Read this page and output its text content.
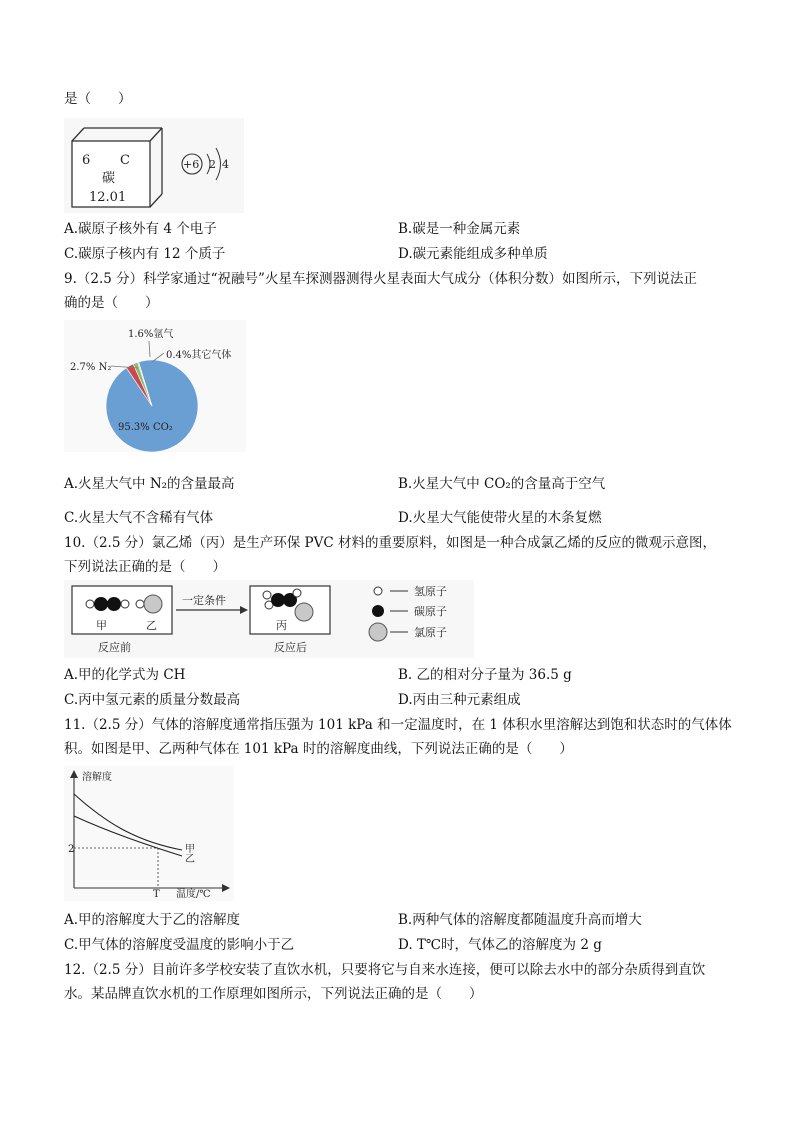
是（　　）
6 C
碳
12.01
+6 2 4
A.碳原子核外有 4 个电子	B.碳是一种金属元素
C.碳原子核内有 12 个质子	D.碳元素能组成多种单质
9.（2.5 分）科学家通过“祝融号”火星车探测器测得火星表面大气成分（体积分数）如图所示，下列说法正
确的是（　　）
1.6%氩气
0.4%其它气体
2.7% N₂
95.3% CO₂
A.火星大气中 N₂的含量最高	B.火星大气中 CO₂的含量高于空气
C.火星大气不含稀有气体	D.火星大气能使带火星的木条复燃
10.（2.5 分）氯乙烯（丙）是生产环保 PVC 材料的重要原料，如图是一种合成氯乙烯的反应的微观示意图，
下列说法正确的是（　　）
甲	乙
反应前
一定条件
丙
反应后
氢原子
碳原子
氯原子
A.甲的化学式为 CH	B. 乙的相对分子量为 36.5 g
C.丙中氢元素的质量分数最高	D.丙由三种元素组成
11.（2.5 分）气体的溶解度通常指压强为 101 kPa 和一定温度时，在 1 体积水里溶解达到饱和状态时的气体体
积。如图是甲、乙两种气体在 101 kPa 时的溶解度曲线，下列说法正确的是（　　）
溶解度
温度/℃
2
T
甲
乙
A.甲的溶解度大于乙的溶解度	B.两种气体的溶解度都随温度升高而增大
C.甲气体的溶解度受温度的影响小于乙	D. T℃时，气体乙的溶解度为 2 g
12.（2.5 分）目前许多学校安装了直饮水机，只要将它与自来水连接，便可以除去水中的部分杂质得到直饮
水。某品牌直饮水机的工作原理如图所示，下列说法正确的是（　　）
